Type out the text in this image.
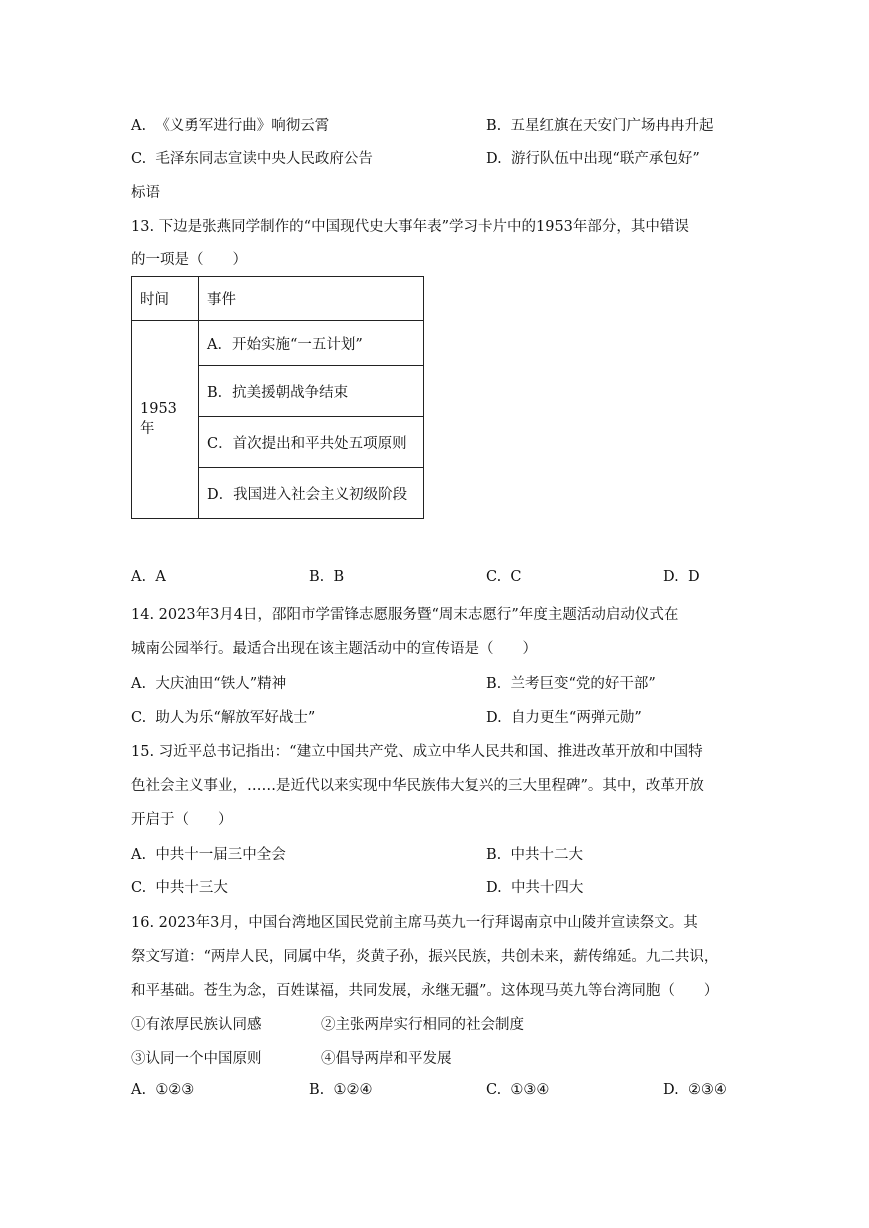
A. 《义勇军进行曲》响彻云霄	B. 五星红旗在天安门广场冉冉升起
C. 毛泽东同志宣读中央人民政府公告	D. 游行队伍中出现“联产承包好”
标语
13. 下边是张燕同学制作的“中国现代史大事年表”学习卡片中的1953年部分，其中错误
的一项是（　　）
时间	事件
1953年	A．开始实施“一五计划”
	B．抗美援朝战争结束
	C．首次提出和平共处五项原则
	D．我国进入社会主义初级阶段
A. A	B. B	C. C	D. D
14. 2023年3月4日，邵阳市学雷锋志愿服务暨“周末志愿行”年度主题活动启动仪式在
城南公园举行。最适合出现在该主题活动中的宣传语是（　　）
A. 大庆油田“铁人”精神	B. 兰考巨变“党的好干部”
C. 助人为乐“解放军好战士”	D. 自力更生“两弹元勋”
15. 习近平总书记指出：“建立中国共产党、成立中华人民共和国、推进改革开放和中国特
色社会主义事业，……是近代以来实现中华民族伟大复兴的三大里程碑”。其中，改革开放
开启于（　　）
A. 中共十一届三中全会	B. 中共十二大
C. 中共十三大	D. 中共十四大
16. 2023年3月，中国台湾地区国民党前主席马英九一行拜谒南京中山陵并宣读祭文。其
祭文写道：“两岸人民，同属中华，炎黄子孙，振兴民族，共创未来，薪传绵延。九二共识，
和平基础。苍生为念，百姓谋福，共同发展，永继无疆”。这体现马英九等台湾同胞（　　）
①有浓厚民族认同感	②主张两岸实行相同的社会制度
③认同一个中国原则	④倡导两岸和平发展
A. ①②③	B. ①②④	C. ①③④	D. ②③④
